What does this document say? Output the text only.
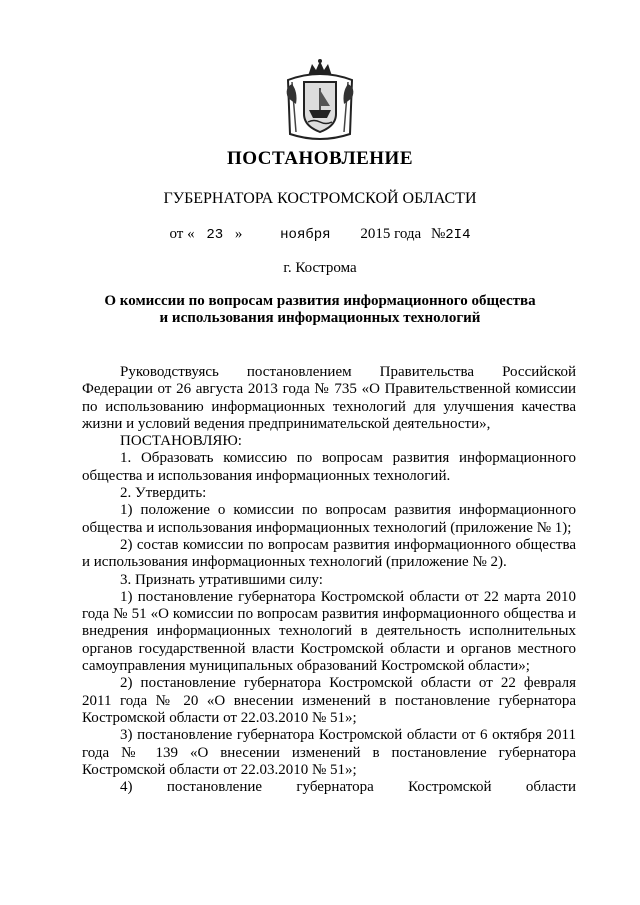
ПОСТАНОВЛЕНИЕ
ГУБЕРНАТОРА КОСТРОМСКОЙ ОБЛАСТИ
от « 23 »	ноября 2015 года №2I4
г. Кострома
О комиссии по вопросам развития информационного общества и использования информационных технологий

Руководствуясь постановлением Правительства Российской Федерации от 26 августа 2013 года № 735 «О Правительственной комиссии по использованию информационных технологий для улучшения качества жизни и условий ведения предпринимательской деятельности»,

ПОСТАНОВЛЯЮ:

1. Образовать комиссию по вопросам развития информационного общества и использования информационных технологий.

2. Утвердить:

1) положение о комиссии по вопросам развития информационного общества и использования информационных технологий (приложение № 1);

2) состав комиссии по вопросам развития информационного общества и использования информационных технологий (приложение № 2).

3. Признать утратившими силу:

1) постановление губернатора Костромской области от 22 марта 2010 года № 51 «О комиссии по вопросам развития информационного общества и внедрения информационных технологий в деятельность исполнительных органов государственной власти Костромской области и органов местного самоуправления муниципальных образований Костромской области»;

2) постановление губернатора Костромской области от 22 февраля 2011 года № 20 «О внесении изменений в постановление губернатора Костромской области от 22.03.2010 № 51»;

3) постановление губернатора Костромской области от 6 октября 2011 года № 139 «О внесении изменений в постановление губернатора Костромской области от 22.03.2010 № 51»;

4) постановление губернатора Костромской области
